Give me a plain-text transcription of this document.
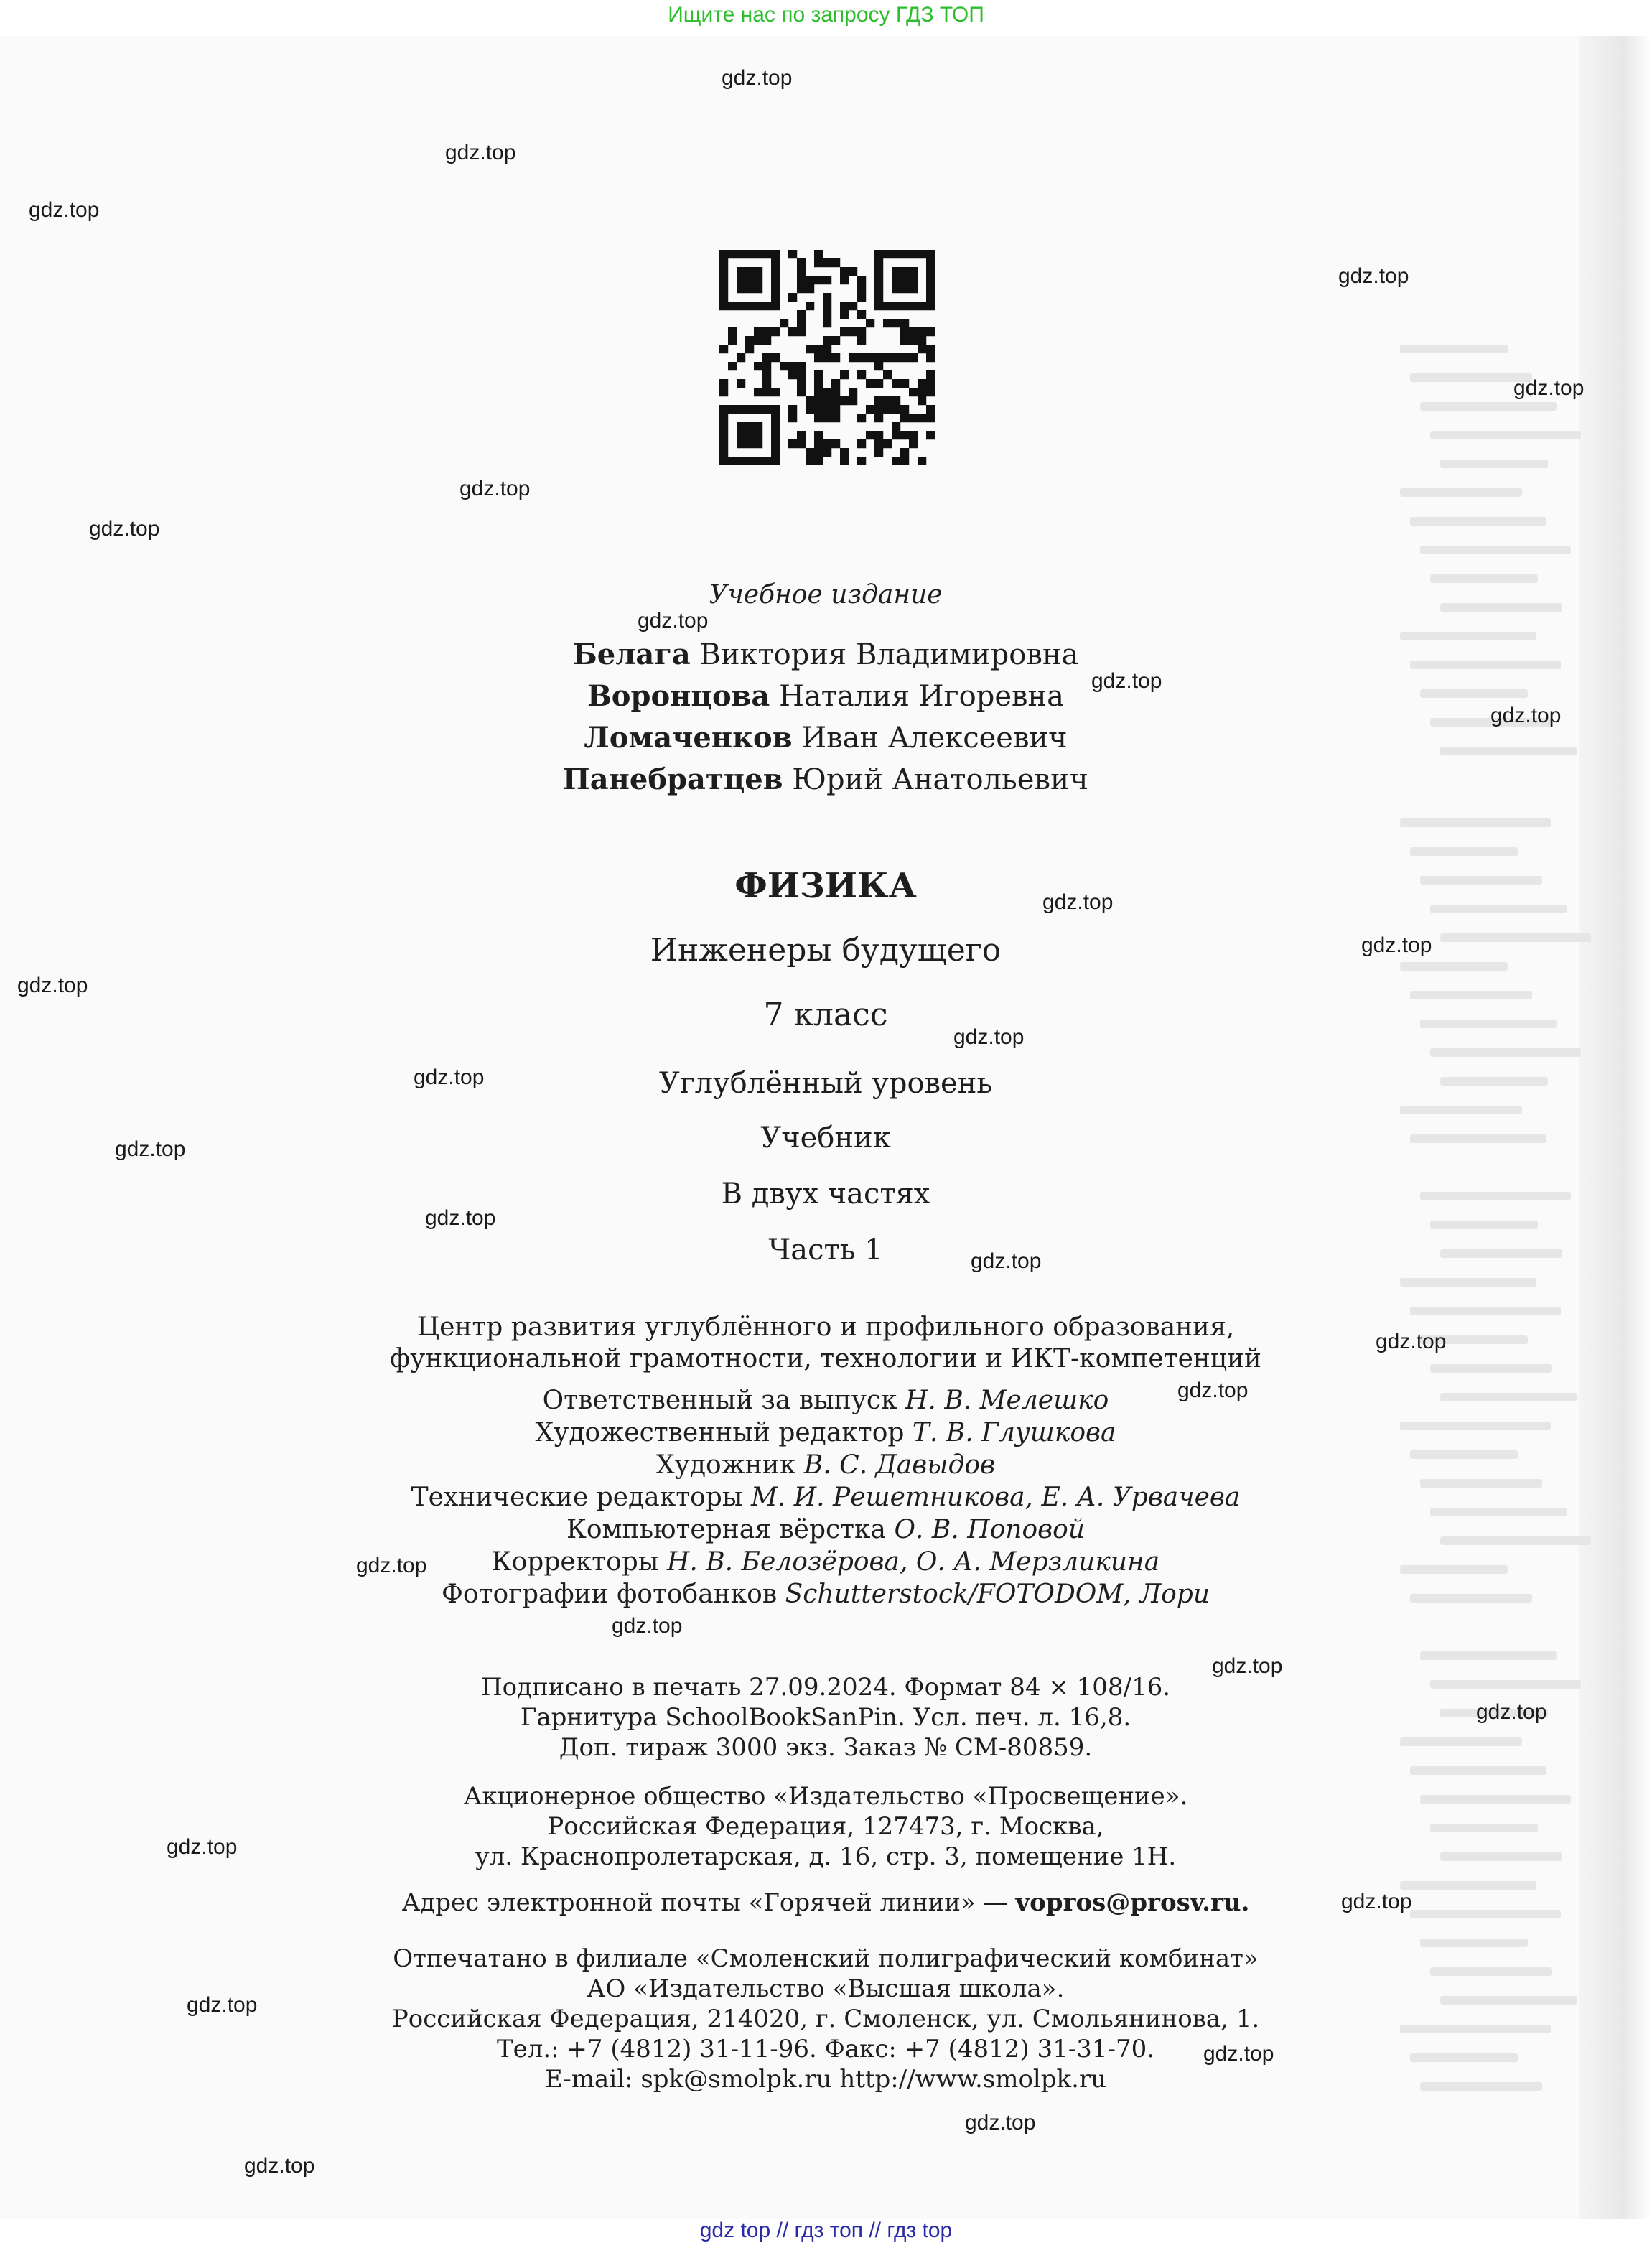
Ищите нас по запросу ГДЗ ТОП
Учебное издание
Белага Виктория Владимировна
Воронцова Наталия Игоревна
Ломаченков Иван Алексеевич
Панебратцев Юрий Анатольевич
ФИЗИКА
Инженеры будущего
7 класс
Углублённый уровень
Учебник
В двух частях
Часть 1
Центр развития углублённого и профильного образования,
функциональной грамотности, технологии и ИКТ-компетенций
Ответственный за выпуск Н. В. Мелешко
Художественный редактор Т. В. Глушкова
Художник В. С. Давыдов
Технические редакторы М. И. Решетникова, Е. А. Урвачева
Компьютерная вёрстка О. В. Поповой
Корректоры Н. В. Белозёрова, О. А. Мерзликина
Фотографии фотобанков Schutterstock/FOTODOM, Лори
Подписано в печать 27.09.2024. Формат 84 × 108/16.
Гарнитура SchoolBookSanPin. Усл. печ. л. 16,8.
Доп. тираж 3000 экз. Заказ № СМ-80859.
Акционерное общество «Издательство «Просвещение».
Российская Федерация, 127473, г. Москва,
ул. Краснопролетарская, д. 16, стр. 3, помещение 1Н.
Адрес электронной почты «Горячей линии» — vopros@prosv.ru.
Отпечатано в филиале «Смоленский полиграфический комбинат»
АО «Издательство «Высшая школа».
Российская Федерация, 214020, г. Смоленск, ул. Смольянинова, 1.
Тел.: +7 (4812) 31-11-96. Факс: +7 (4812) 31-31-70.
E-mail: spk@smolpk.ru http://www.smolpk.ru
gdz.top
gdz.top
gdz.top
gdz.top
gdz.top
gdz.top
gdz.top
gdz.top
gdz.top
gdz.top
gdz.top
gdz.top
gdz.top
gdz.top
gdz.top
gdz.top
gdz.top
gdz.top
gdz.top
gdz.top
gdz.top
gdz.top
gdz.top
gdz.top
gdz.top
gdz.top
gdz.top
gdz.top
gdz.top
gdz.top
gdz top // гдз топ // гдз top
